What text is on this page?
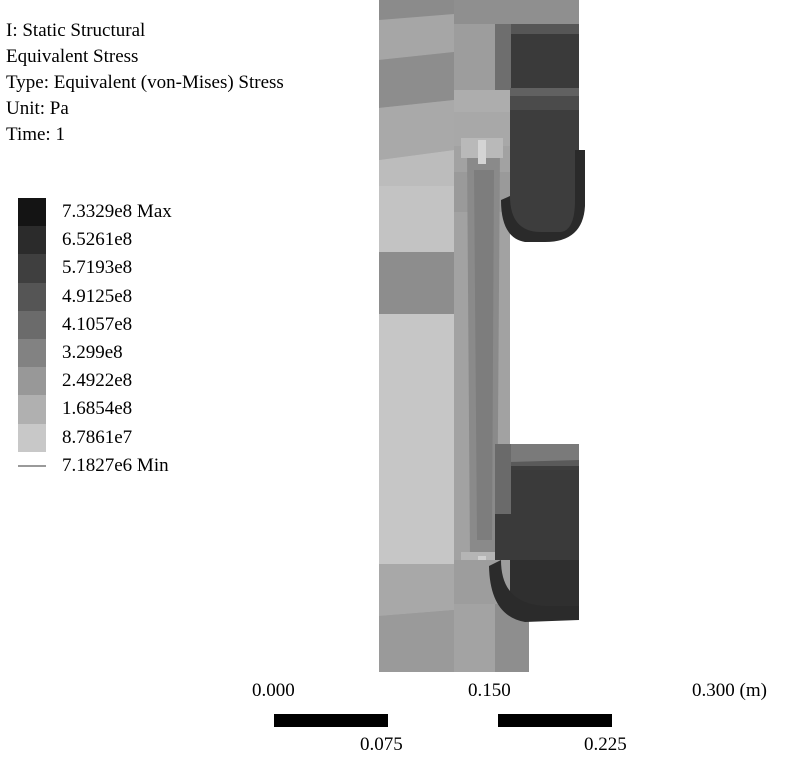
I: Static Structural
Equivalent Stress
Type: Equivalent (von-Mises) Stress
Unit: Pa
Time: 1
7.3329e8 Max
6.5261e8
5.7193e8
4.9125e8
4.1057e8
3.299e8
2.4922e8
1.6854e8
8.7861e7
7.1827e6 Min
0.000	0.150	0.300 (m)
0.075	0.225
